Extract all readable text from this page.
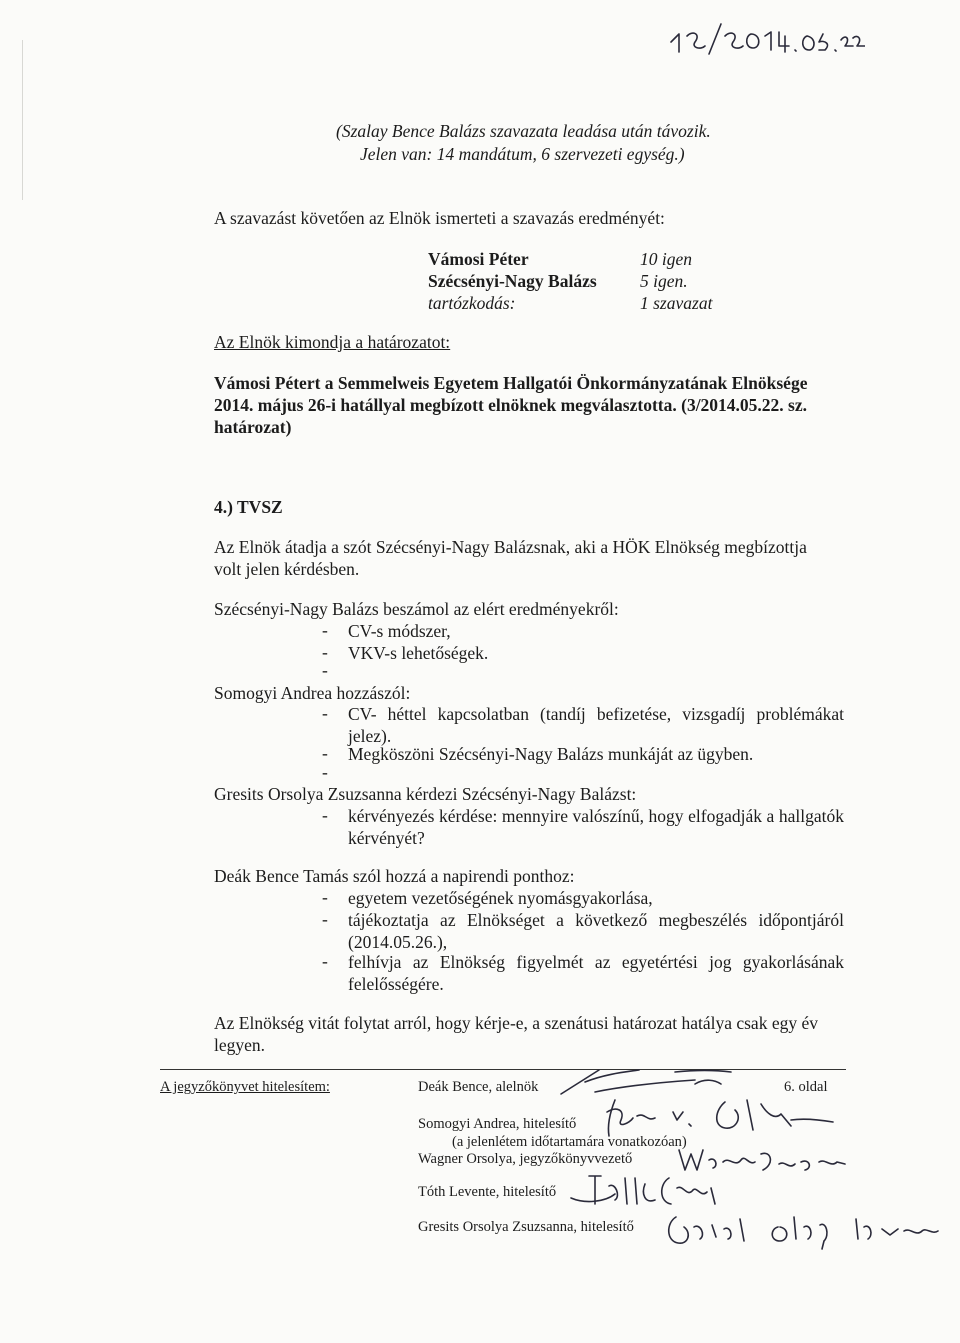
(Szalay Bence Balázs szavazata leadása után távozik.
Jelen van: 14 mandátum, 6 szervezeti egység.)
A szavazást követően az Elnök ismerteti a szavazás eredményét:
Vámosi Péter	10 igen
Szécsényi-Nagy Balázs 5 igen.
tartózkodás:	1 szavazat
Az Elnök kimondja a határozatot:
Vámosi Pétert a Semmelweis Egyetem Hallgatói Önkormányzatának Elnöksége
2014. május 26-i hatállyal megbízott elnöknek megválasztotta. (3/2014.05.22. sz.
határozat)
4.) TVSZ
Az Elnök átadja a szót Szécsényi-Nagy Balázsnak, aki a HÖK Elnökség megbízottja
volt jelen kérdésben.
Szécsényi-Nagy Balázs beszámol az elért eredményekről:
- CV-s módszer,
- VKV-s lehetőségek.
-
Somogyi Andrea hozzászól:
- CV- héttel kapcsolatban (tandíj befizetése, vizsgadíj problémákat jelez).
- Megköszöni Szécsényi-Nagy Balázs munkáját az ügyben.
-
Gresits Orsolya Zsuzsanna kérdezi Szécsényi-Nagy Balázst:
- kérvényezés kérdése: mennyire valószínű, hogy elfogadják a hallgatók kérvényét?
Deák Bence Tamás szól hozzá a napirendi ponthoz:
- egyetem vezetőségének nyomásgyakorlása,
- tájékoztatja az Elnökséget a következő megbeszélés időpontjáról (2014.05.26.),
- felhívja az Elnökség figyelmét az egyetértési jog gyakorlásának felelősségére.
Az Elnökség vitát folytat arról, hogy kérje-e, a szenátusi határozat hatálya csak egy év
legyen.
A jegyzőkönyvet hitelesítem:	6. oldal
Deák Bence, alelnök
Somogyi Andrea, hitelesítő
(a jelenlétem időtartamára vonatkozóan)
Wagner Orsolya, jegyzőkönyvvezető
Tóth Levente, hitelesítő
Gresits Orsolya Zsuzsanna, hitelesítő
